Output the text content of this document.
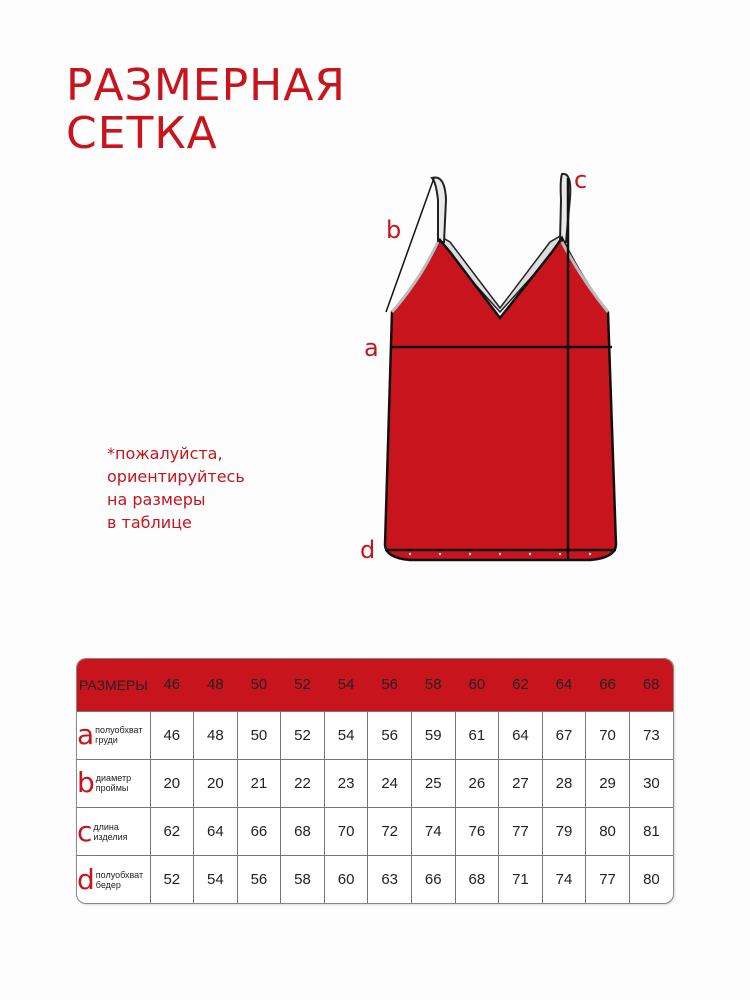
РАЗМЕРНАЯ
СЕТКА
*пожалуйста,
ориентируйтесь
на размеры
в таблице
a
b
c
d
РАЗМЕРЫ	46	48	50	52	54	56	58	60	62	64	66	68
a полуобхват
груди	46	48	50	52	54	56	59	61	64	67	70	73
b диаметр
проймы	20	20	21	22	23	24	25	26	27	28	29	30
c длина
изделия	62	64	66	68	70	72	74	76	77	79	80	81
d полуобхват
бедер	52	54	56	58	60	63	66	68	71	74	77	80
